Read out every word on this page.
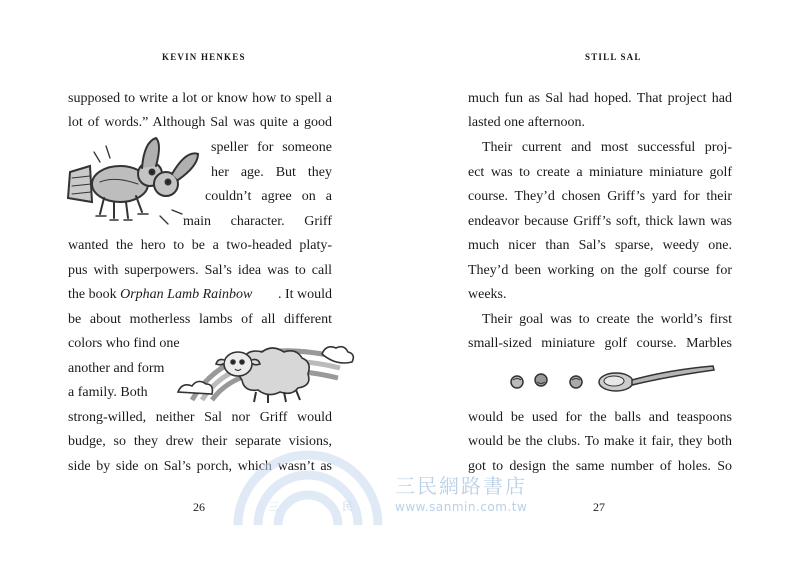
KEVIN HENKES
supposed to write a lot or know how to spell a
lot of words.” Although Sal was quite a good
speller for someone
her age. But they
couldn’t agree on a
main character. Griff
wanted the hero to be a two-headed platy-
pus with superpowers. Sal’s idea was to call
the book Orphan Lamb Rainbow . It would
be about motherless lambs of all different
colors who find one
another and form
a family. Both
strong-willed, neither Sal nor Griff would
budge, so they drew their separate visions,
side by side on Sal’s porch, which wasn’t as
26
STILL SAL
much fun as Sal had hoped. That project had
lasted one afternoon.
Their current and most successful proj-
ect was to create a miniature miniature golf
course. They’d chosen Griff’s yard for their
endeavor because Griff’s soft, thick lawn was
much nicer than Sal’s sparse, weedy one.
They’d been working on the golf course for
weeks.
Their goal was to create the world’s first
small-sized miniature golf course. Marbles
would be used for the balls and teaspoons
would be the clubs. To make it fair, they both
got to design the same number of holes. So
27
三	民
三民網路書店
www.sanmin.com.tw
